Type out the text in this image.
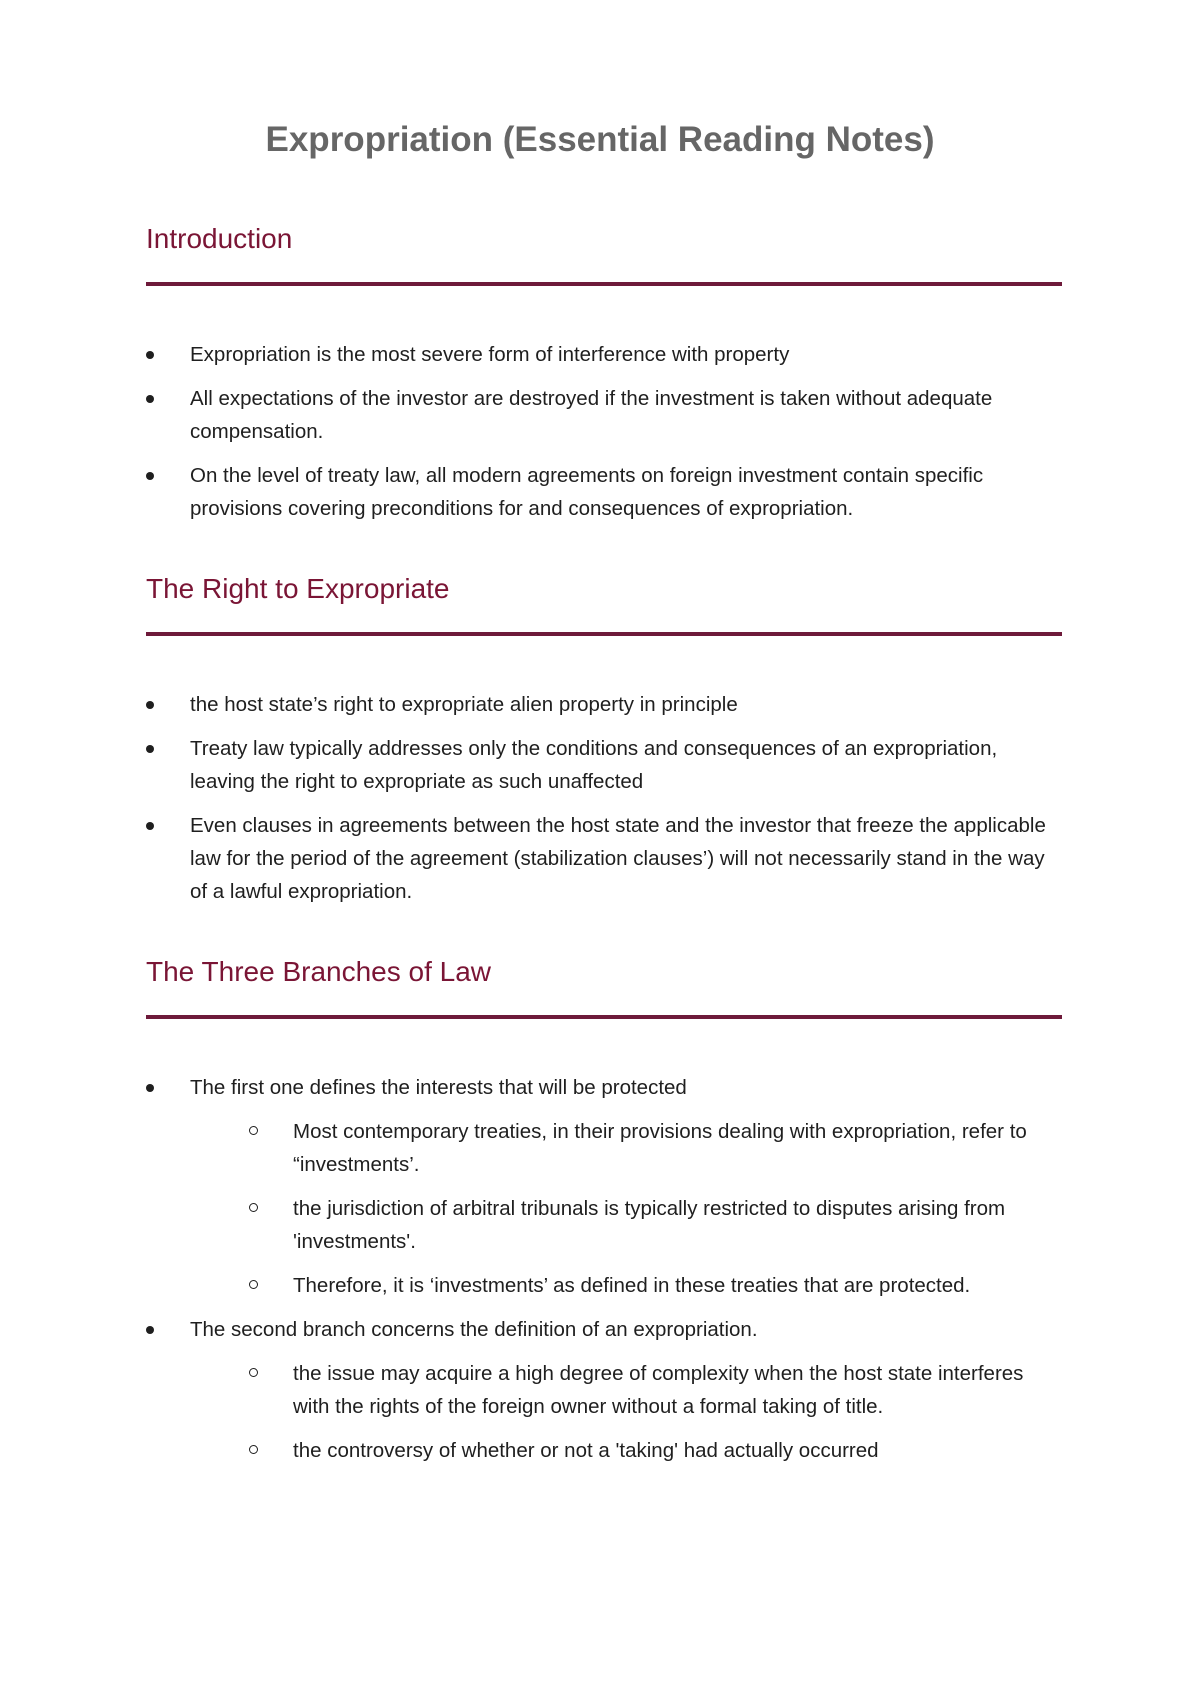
Expropriation (Essential Reading Notes)
Introduction
Expropriation is the most severe form of interference with property
All expectations of the investor are destroyed if the investment is taken without adequate compensation.
On the level of treaty law, all modern agreements on foreign investment contain specific provisions covering preconditions for and consequences of expropriation.
The Right to Expropriate
the host state’s right to expropriate alien property in principle
Treaty law typically addresses only the conditions and consequences of an expropriation, leaving the right to expropriate as such unaffected
Even clauses in agreements between the host state and the investor that freeze the applicable law for the period of the agreement (stabilization clauses’) will not necessarily stand in the way of a lawful expropriation.
The Three Branches of Law
The first one defines the interests that will be protected
Most contemporary treaties, in their provisions dealing with expropriation, refer to “investments’.
the jurisdiction of arbitral tribunals is typically restricted to disputes arising from 'investments'.
Therefore, it is ‘investments’ as defined in these treaties that are protected.
The second branch concerns the definition of an expropriation.
the issue may acquire a high degree of complexity when the host state interferes with the rights of the foreign owner without a formal taking of title.
the controversy of whether or not a 'taking' had actually occurred
